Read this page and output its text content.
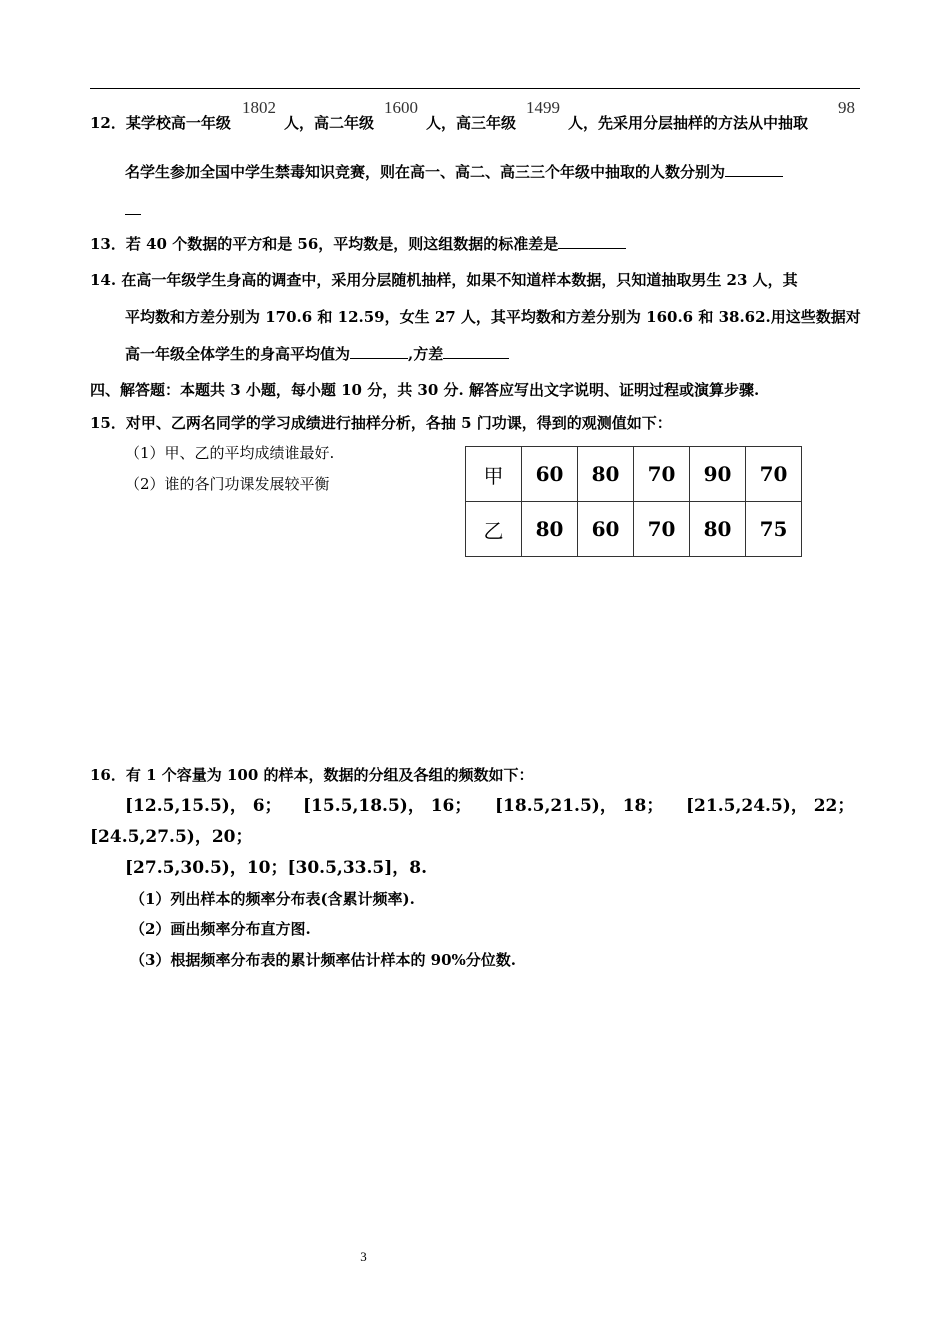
12．某学校高一年级
1802
人，高二年级
1600
人，高三年级
1499
人，先采用分层抽样的方法从中抽取
98
名学生参加全国中学生禁毒知识竞赛，则在高一、高二、高三三个年级中抽取的人数分别为
13．若 40 个数据的平方和是 56，平均数是，则这组数据的标准差是
14. 在高一年级学生身高的调查中，采用分层随机抽样，如果不知道样本数据，只知道抽取男生 23 人，其
平均数和方差分别为 170.6 和 12.59，女生 27 人，其平均数和方差分别为 160.6 和 38.62.用这些数据对
高一年级全体学生的身高平均值为	,方差
四、解答题：本题共 3 小题，每小题 10 分，共 30 分. 解答应写出文字说明、证明过程或演算步骤.
15．对甲、乙两名同学的学习成绩进行抽样分析，各抽 5 门功课，得到的观测值如下：
（1）甲、乙的平均成绩谁最好.
（2）谁的各门功课发展较平衡	甲	60	80	70	90	70
乙	80	60	70	80	75
16．有 1 个容量为 100 的样本，数据的分组及各组的频数如下：
[12.5,15.5)， 6； [15.5,18.5)， 16； [18.5,21.5)， 18； [21.5,24.5)， 22；
[24.5,27.5)，20；
[27.5,30.5)，10；[30.5,33.5]，8.
（1）列出样本的频率分布表(含累计频率).
（2）画出频率分布直方图.
（3）根据频率分布表的累计频率估计样本的 90%分位数.
3
